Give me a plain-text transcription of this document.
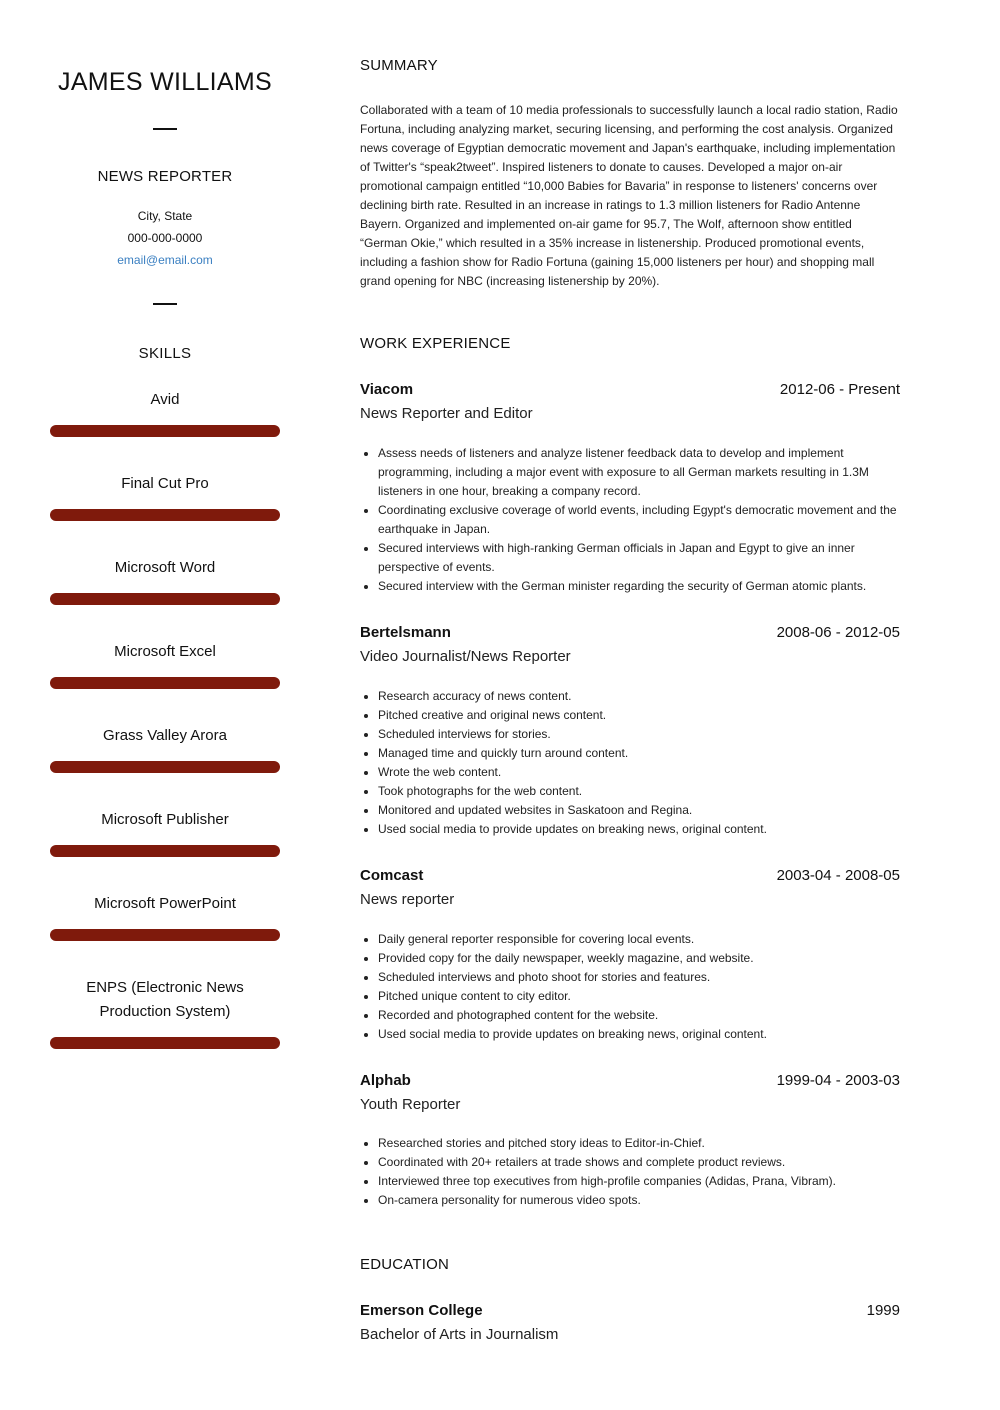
JAMES WILLIAMS
NEWS REPORTER
City, State
000-000-0000
email@email.com
SKILLS
Avid
Final Cut Pro
Microsoft Word
Microsoft Excel
Grass Valley Arora
Microsoft Publisher
Microsoft PowerPoint
ENPS (Electronic News Production System)
SUMMARY

Collaborated with a team of 10 media professionals to successfully launch a local radio station, Radio Fortuna, including analyzing market, securing licensing, and performing the cost analysis. Organized news coverage of Egyptian democratic movement and Japan's earthquake, including implementation of Twitter's “speak2tweet”. Inspired listeners to donate to causes. Developed a major on-air promotional campaign entitled “10,000 Babies for Bavaria” in response to listeners' concerns over declining birth rate. Resulted in an increase in ratings to 1.3 million listeners for Radio Antenne Bayern. Organized and implemented on-air game for 95.7, The Wolf, afternoon show entitled “German Okie,” which resulted in a 35% increase in listenership. Produced promotional events, including a fashion show for Radio Fortuna (gaining 15,000 listeners per hour) and shopping mall grand opening for NBC (increasing listenership by 20%).

WORK EXPERIENCE
Viacom	2012-06 - Present
News Reporter and Editor
• Assess needs of listeners and analyze listener feedback data to develop and implement programming, including a major event with exposure to all German markets resulting in 1.3M listeners in one hour, breaking a company record.
• Coordinating exclusive coverage of world events, including Egypt's democratic movement and the earthquake in Japan.
• Secured interviews with high-ranking German officials in Japan and Egypt to give an inner perspective of events.
• Secured interview with the German minister regarding the security of German atomic plants.
Bertelsmann	2008-06 - 2012-05
Video Journalist/News Reporter
• Research accuracy of news content.
• Pitched creative and original news content.
• Scheduled interviews for stories.
• Managed time and quickly turn around content.
• Wrote the web content.
• Took photographs for the web content.
• Monitored and updated websites in Saskatoon and Regina.
• Used social media to provide updates on breaking news, original content.
Comcast	2003-04 - 2008-05
News reporter
• Daily general reporter responsible for covering local events.
• Provided copy for the daily newspaper, weekly magazine, and website.
• Scheduled interviews and photo shoot for stories and features.
• Pitched unique content to city editor.
• Recorded and photographed content for the website.
• Used social media to provide updates on breaking news, original content.
Alphab	1999-04 - 2003-03
Youth Reporter
• Researched stories and pitched story ideas to Editor-in-Chief.
• Coordinated with 20+ retailers at trade shows and complete product reviews.
• Interviewed three top executives from high-profile companies (Adidas, Prana, Vibram).
• On-camera personality for numerous video spots.
EDUCATION
Emerson College	1999
Bachelor of Arts in Journalism
